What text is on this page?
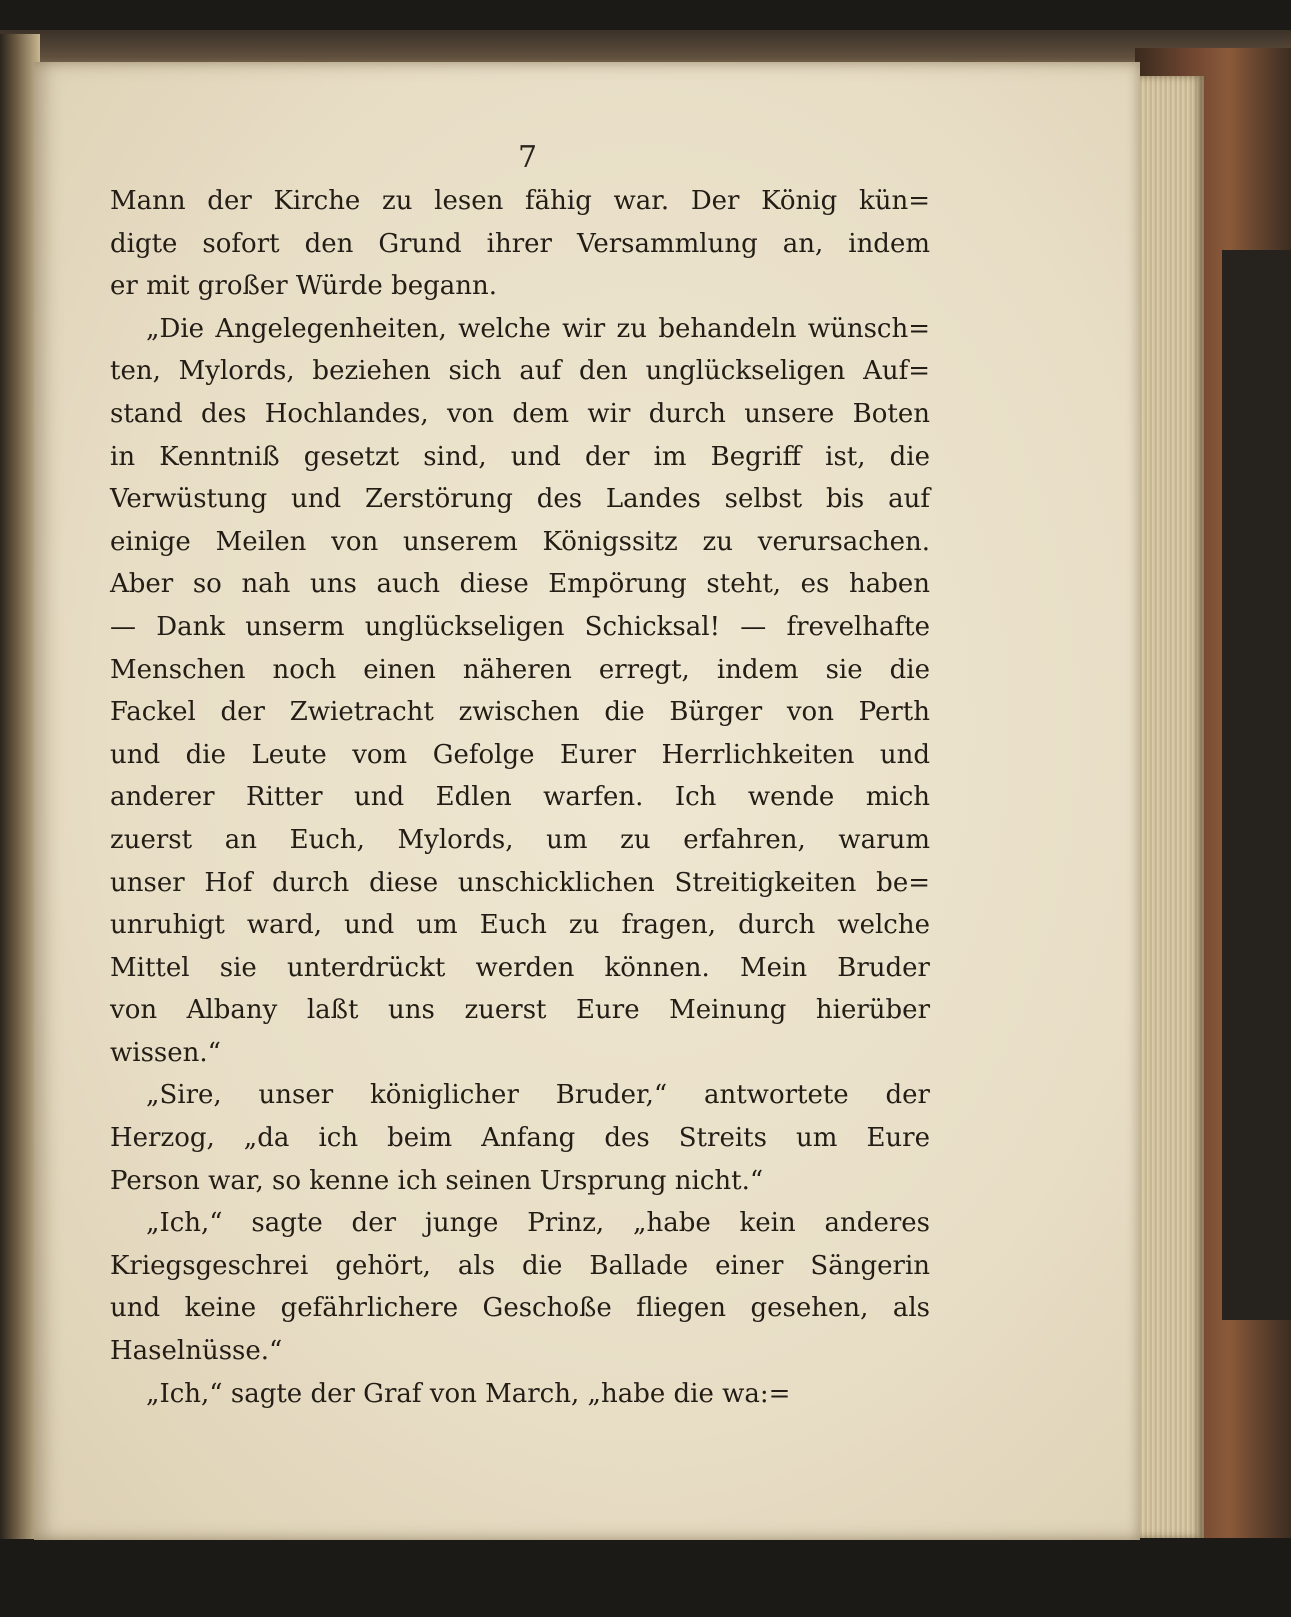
7
Mann der Kirche zu lesen fähig war. Der König kün=
digte sofort den Grund ihrer Versammlung an, indem
er mit großer Würde begann.
„Die Angelegenheiten, welche wir zu behandeln wünsch=
ten, Mylords, beziehen sich auf den unglückseligen Auf=
stand des Hochlandes, von dem wir durch unsere Boten
in Kenntniß gesetzt sind, und der im Begriff ist, die
Verwüstung und Zerstörung des Landes selbst bis auf
einige Meilen von unserem Königssitz zu verursachen.
Aber so nah uns auch diese Empörung steht, es haben
— Dank unserm unglückseligen Schicksal! — frevelhafte
Menschen noch einen näheren erregt, indem sie die
Fackel der Zwietracht zwischen die Bürger von Perth
und die Leute vom Gefolge Eurer Herrlichkeiten und
anderer Ritter und Edlen warfen. Ich wende mich
zuerst an Euch, Mylords, um zu erfahren, warum
unser Hof durch diese unschicklichen Streitigkeiten be=
unruhigt ward, und um Euch zu fragen, durch welche
Mittel sie unterdrückt werden können. Mein Bruder
von Albany laßt uns zuerst Eure Meinung hierüber
wissen.“
„Sire, unser königlicher Bruder,“ antwortete der
Herzog, „da ich beim Anfang des Streits um Eure
Person war, so kenne ich seinen Ursprung nicht.“
„Ich,“ sagte der junge Prinz, „habe kein anderes
Kriegsgeschrei gehört, als die Ballade einer Sängerin
und keine gefährlichere Geschoße fliegen gesehen, als
Haselnüsse.“
„Ich,“ sagte der Graf von March, „habe die wa:=
